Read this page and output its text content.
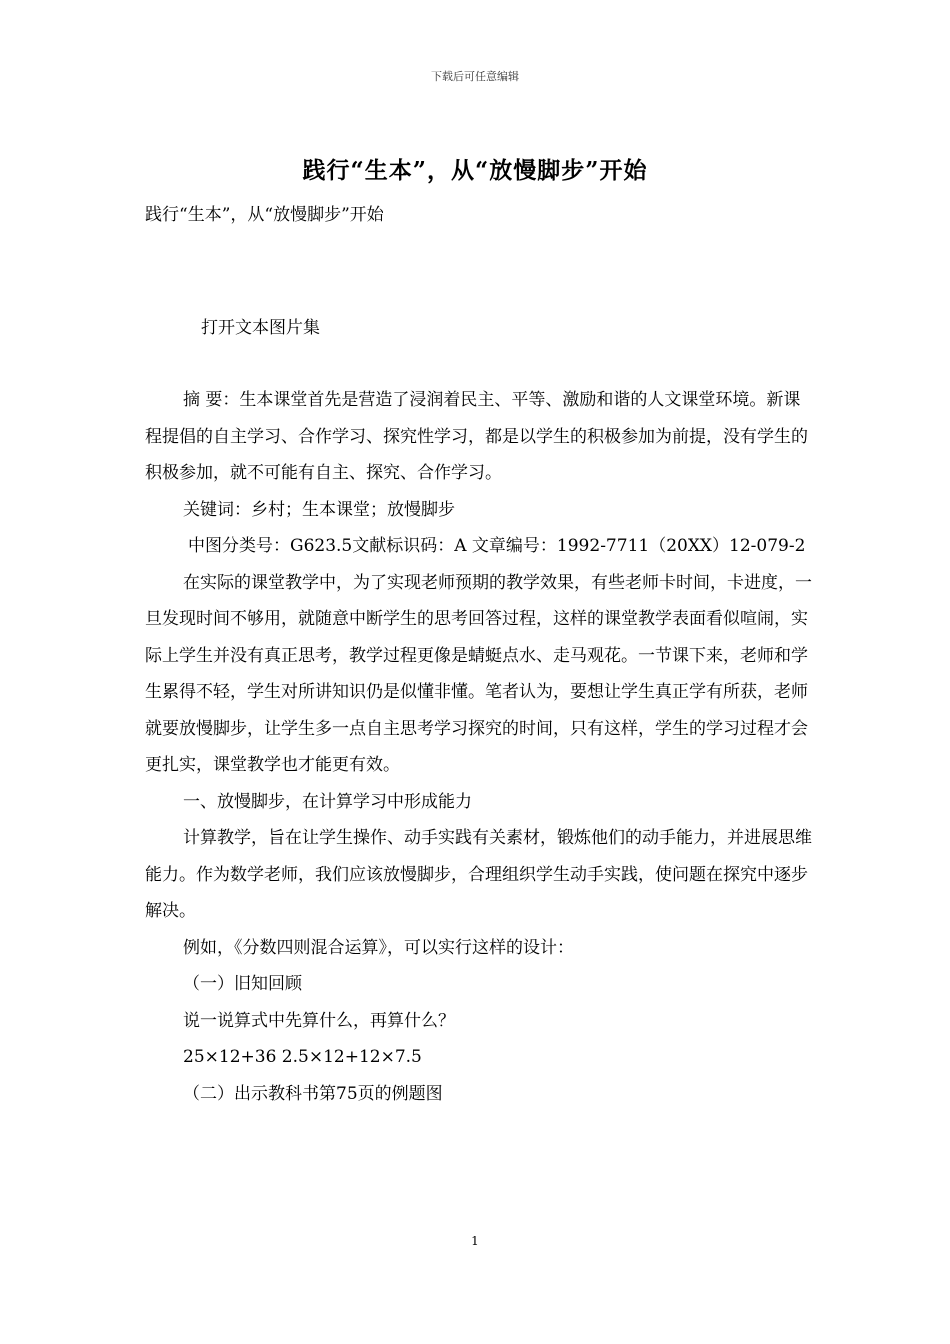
下载后可任意编辑
践行“生本”，从“放慢脚步”开始
践行“生本”，从“放慢脚步”开始
打开文本图片集

摘 要：生本课堂首先是营造了浸润着民主、平等、激励和谐的人文课堂环境。新课程提倡的自主学习、合作学习、探究性学习，都是以学生的积极参加为前提，没有学生的积极参加，就不可能有自主、探究、合作学习。

关键词：乡村；生本课堂；放慢脚步

中图分类号：G623.5文献标识码：A 文章编号：1992-7711（20XX）12-079-2

在实际的课堂教学中，为了实现老师预期的教学效果，有些老师卡时间，卡进度，一旦发现时间不够用，就随意中断学生的思考回答过程，这样的课堂教学表面看似喧闹，实际上学生并没有真正思考，教学过程更像是蜻蜓点水、走马观花。一节课下来，老师和学生累得不轻，学生对所讲知识仍是似懂非懂。笔者认为，要想让学生真正学有所获，老师就要放慢脚步，让学生多一点自主思考学习探究的时间，只有这样，学生的学习过程才会更扎实，课堂教学也才能更有效。

一、放慢脚步，在计算学习中形成能力

计算教学，旨在让学生操作、动手实践有关素材，锻炼他们的动手能力，并进展思维能力。作为数学老师，我们应该放慢脚步，合理组织学生动手实践，使问题在探究中逐步解决。

例如，《分数四则混合运算》，可以实行这样的设计：

（一）旧知回顾

说一说算式中先算什么，再算什么？

25×12+36 2.5×12+12×7.5

（二）出示教科书第75页的例题图

1
